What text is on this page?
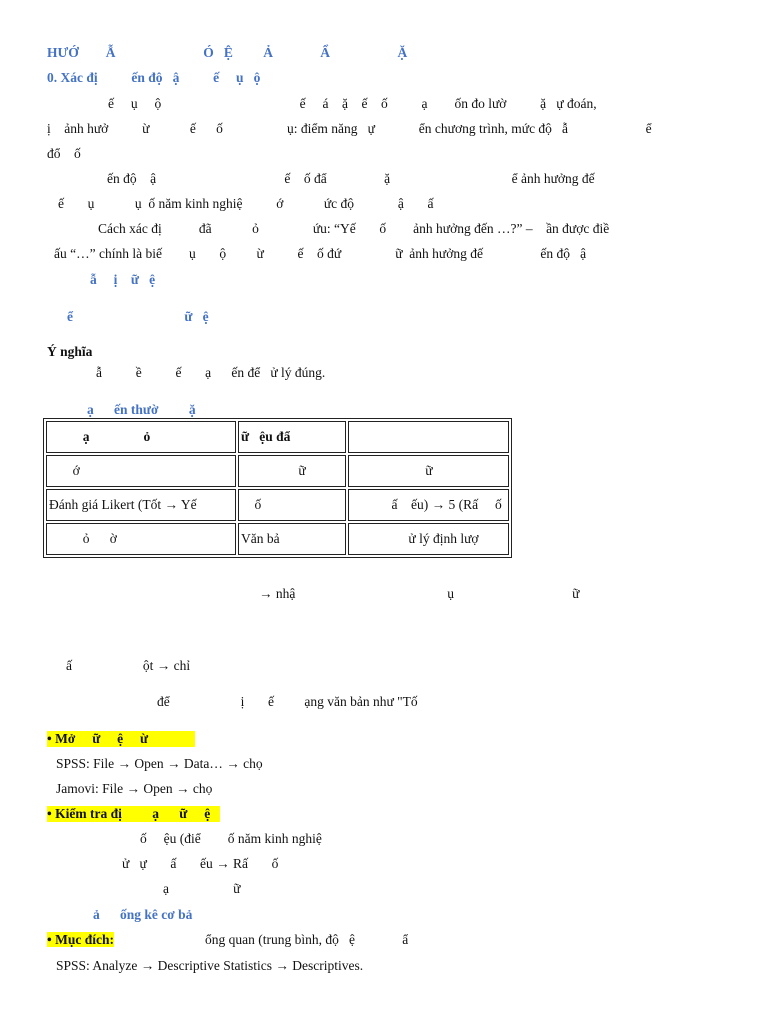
HƯỚ        Ẫ                          Ó   Ệ         Ả              Ẩ                    Ặ
0. Xác đị          ến độ   ậ          ế     ụ   ộ
ế     ụ     ộ                                         ế     á    ặ    ế    ố          ạ        ốn đo lườ          ặ   ự đoán,
ị    ảnh hưở          ừ            ế      ố                   ụ: điểm năng   ự             ển chương trình, mức độ   ẫ                       ể
đổ    ố
ến độ    ậ                                      ế    ố đẩ                 ặ                                    ể ảnh hưởng đế
ế       ụ            ụ  ố năm kinh nghiệ          ớ            ức độ             ậ       ấ
Cách xác đị           đã            ỏ                ứu: “Yế       ố        ảnh hưởng đến …?” –    ần được điề
ấu “…” chính là biế        ụ       ộ         ừ          ế    ố đứ                ữ  ảnh hưởng đế                 ến độ   ậ
ẫ     ị    ữ   ệ
ể                                 ữ   ệ
Ý nghĩa
ẫ          ề          ế       ạ      ến để   ử lý đúng.
ạ      ến thườ         ặ
ạ                ỏ	ữ   ệu đẩ	
ớ	ữ	ữ
Đánh giá Likert (Tốt → Yế	ố	ấ    ếu) → 5 (Rấ     ố
ỏ      ờ	Văn bả	ử lý định lượ
→ nhậ                                             ụ                                   ữ
ấ                     ột → chỉ
để                     ị       ế         ạng văn bản như "Tố
• Mở     ữ     ệ     ừ
SPSS: File → Open → Data… → chọ
Jamovi: File → Open → chọ
• Kiểm tra đị         ạ      ữ     ệ
ố     ệu (điể        ố năm kinh nghiệ
ử   ự       ấ       ếu → Rấ       ố
ạ                   ữ
ả      ống kê cơ bả
• Mục đích:	ổng quan (trung bình, độ   ệ              ẩ
SPSS: Analyze → Descriptive Statistics → Descriptives.
